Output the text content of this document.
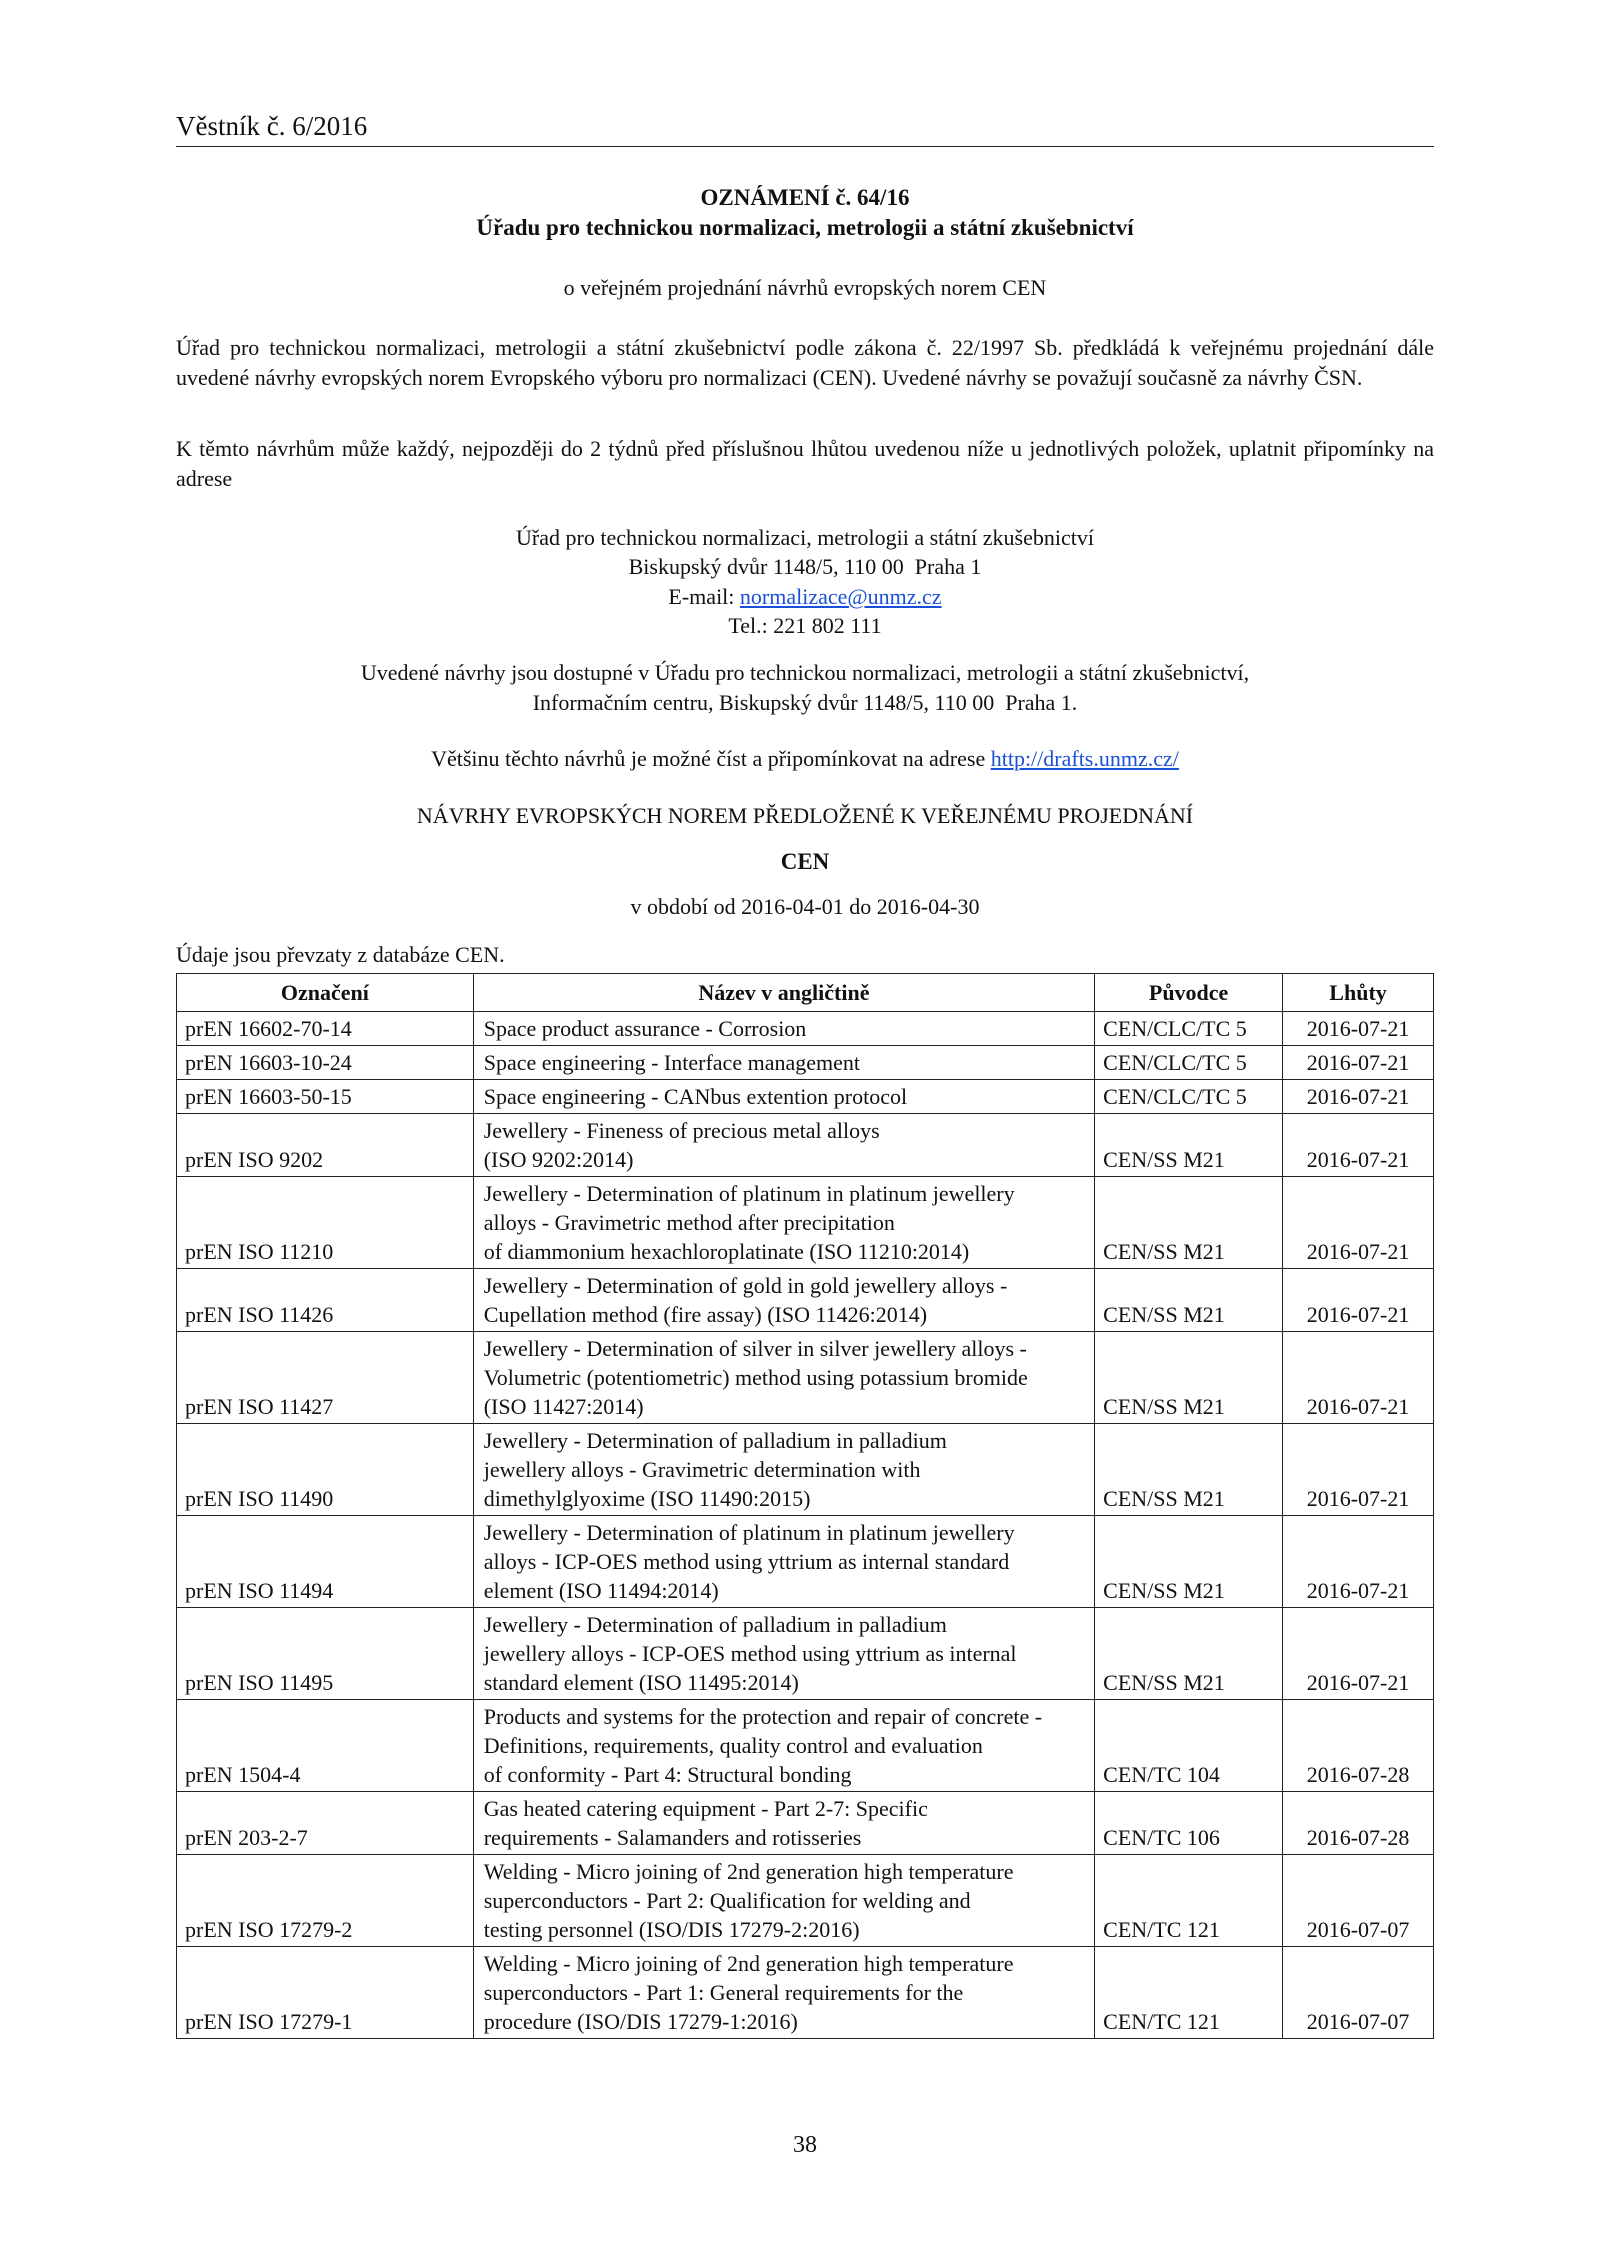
Věstník č. 6/2016
OZNÁMENÍ č. 64/16
Úřadu pro technickou normalizaci, metrologii a státní zkušebnictví
o veřejném projednání návrhů evropských norem CEN
Úřad pro technickou normalizaci, metrologii a státní zkušebnictví podle zákona č. 22/1997 Sb. předkládá k veřejnému projednání dále uvedené návrhy evropských norem Evropského výboru pro normalizaci (CEN). Uvedené návrhy se považují současně za návrhy ČSN.
K těmto návrhům může každý, nejpozději do 2 týdnů před příslušnou lhůtou uvedenou níže u jednotlivých položek, uplatnit připomínky na adrese
Úřad pro technickou normalizaci, metrologii a státní zkušebnictví
Biskupský dvůr 1148/5, 110 00  Praha 1
E-mail: normalizace@unmz.cz
Tel.: 221 802 111
Uvedené návrhy jsou dostupné v Úřadu pro technickou normalizaci, metrologii a státní zkušebnictví,
Informačním centru, Biskupský dvůr 1148/5, 110 00  Praha 1.
Většinu těchto návrhů je možné číst a připomínkovat na adrese http://drafts.unmz.cz/
NÁVRHY EVROPSKÝCH NOREM PŘEDLOŽENÉ K VEŘEJNÉMU PROJEDNÁNÍ
CEN
v období od 2016-04-01 do 2016-04-30
Údaje jsou převzaty z databáze CEN.
Označení	Název v angličtině	Původce	Lhůty
prEN 16602-70-14	Space product assurance - Corrosion	CEN/CLC/TC 5	2016-07-21
prEN 16603-10-24	Space engineering - Interface management	CEN/CLC/TC 5	2016-07-21
prEN 16603-50-15	Space engineering - CANbus extention protocol	CEN/CLC/TC 5	2016-07-21
prEN ISO 9202	Jewellery - Fineness of precious metal alloys
(ISO 9202:2014)	CEN/SS M21	2016-07-21
prEN ISO 11210	Jewellery - Determination of platinum in platinum jewellery
alloys - Gravimetric method after precipitation
of diammonium hexachloroplatinate (ISO 11210:2014)	CEN/SS M21	2016-07-21
prEN ISO 11426	Jewellery - Determination of gold in gold jewellery alloys -
Cupellation method (fire assay) (ISO 11426:2014)	CEN/SS M21	2016-07-21
prEN ISO 11427	Jewellery - Determination of silver in silver jewellery alloys -
Volumetric (potentiometric) method using potassium bromide
(ISO 11427:2014)	CEN/SS M21	2016-07-21
prEN ISO 11490	Jewellery - Determination of palladium in palladium
jewellery alloys - Gravimetric determination with
dimethylglyoxime (ISO 11490:2015)	CEN/SS M21	2016-07-21
prEN ISO 11494	Jewellery - Determination of platinum in platinum jewellery
alloys - ICP-OES method using yttrium as internal standard
element (ISO 11494:2014)	CEN/SS M21	2016-07-21
prEN ISO 11495	Jewellery - Determination of palladium in palladium
jewellery alloys - ICP-OES method using yttrium as internal
standard element (ISO 11495:2014)	CEN/SS M21	2016-07-21
prEN 1504-4	Products and systems for the protection and repair of concrete -
Definitions, requirements, quality control and evaluation
of conformity - Part 4: Structural bonding	CEN/TC 104	2016-07-28
prEN 203-2-7	Gas heated catering equipment - Part 2-7: Specific
requirements - Salamanders and rotisseries	CEN/TC 106	2016-07-28
prEN ISO 17279-2	Welding - Micro joining of 2nd generation high temperature
superconductors - Part 2: Qualification for welding and
testing personnel (ISO/DIS 17279-2:2016)	CEN/TC 121	2016-07-07
prEN ISO 17279-1	Welding - Micro joining of 2nd generation high temperature
superconductors - Part 1: General requirements for the
procedure (ISO/DIS 17279-1:2016)	CEN/TC 121	2016-07-07
38
